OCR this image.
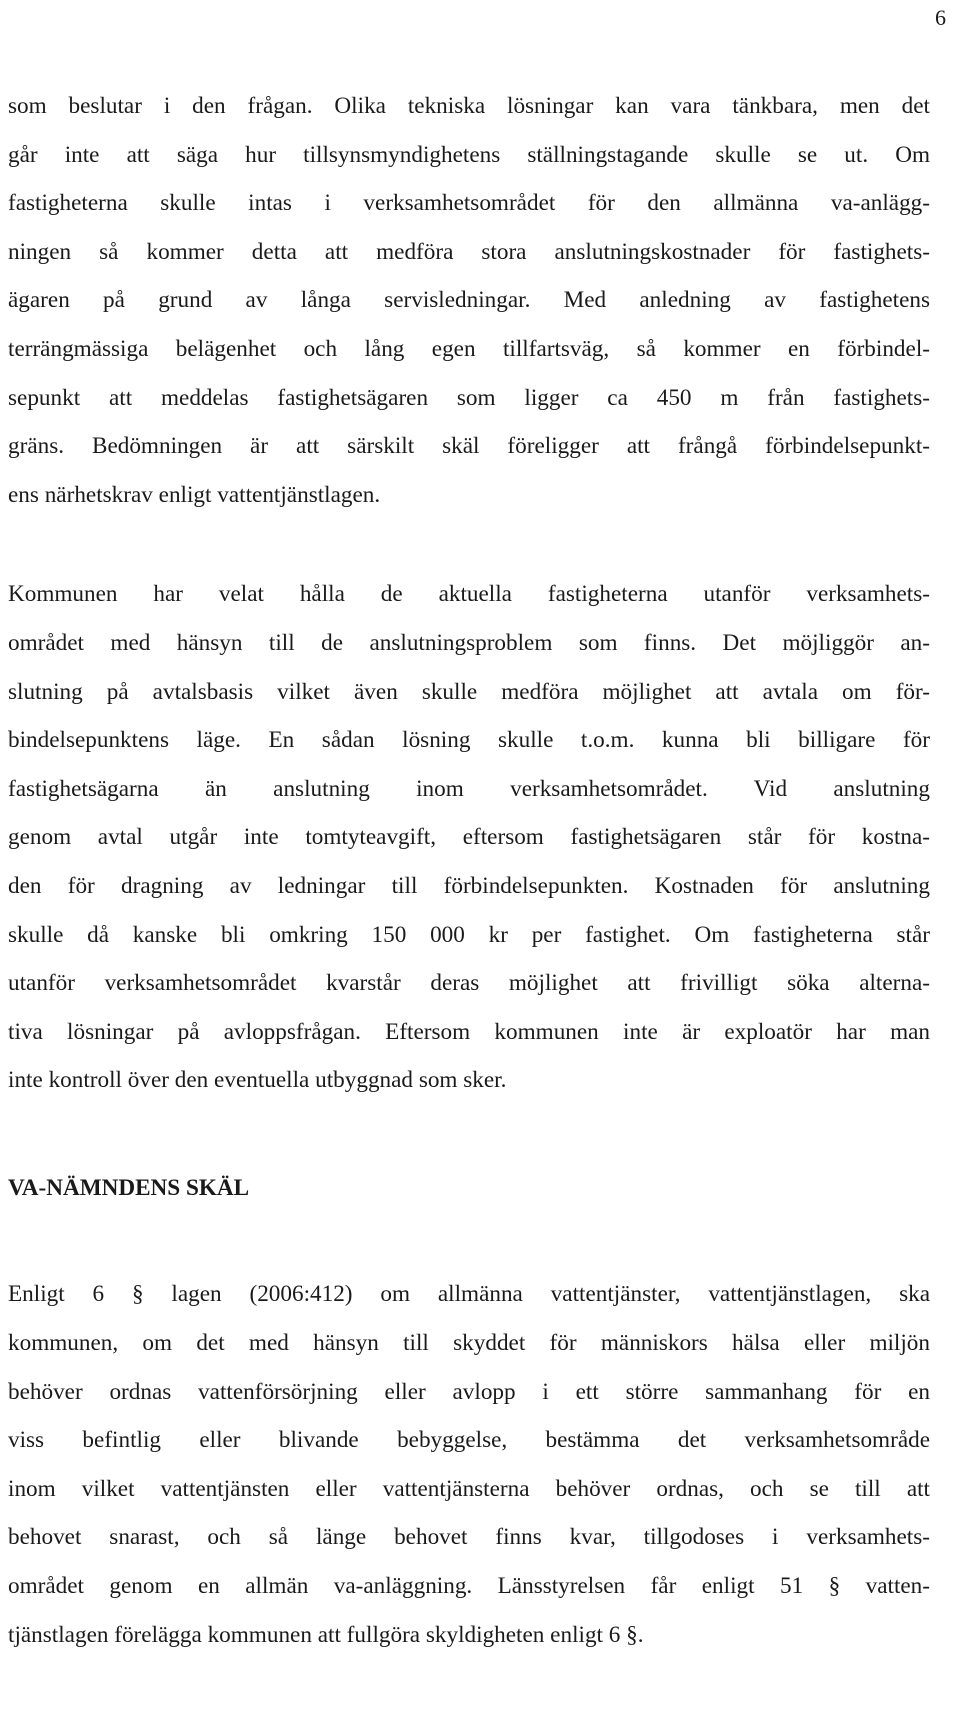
6
som beslutar i den frågan. Olika tekniska lösningar kan vara tänkbara, men det
går inte att säga hur tillsynsmyndighetens ställningstagande skulle se ut. Om
fastigheterna skulle intas i verksamhetsområdet för den allmänna va-anlägg-
ningen så kommer detta att medföra stora anslutningskostnader för fastighets-
ägaren på grund av långa servisledningar. Med anledning av fastighetens
terrängmässiga belägenhet och lång egen tillfartsväg, så kommer en förbindel-
sepunkt att meddelas fastighetsägaren som ligger ca 450 m från fastighets-
gräns. Bedömningen är att särskilt skäl föreligger att frångå förbindelsepunkt-
ens närhetskrav enligt vattentjänstlagen.
Kommunen har velat hålla de aktuella fastigheterna utanför verksamhets-
området med hänsyn till de anslutningsproblem som finns. Det möjliggör an-
slutning på avtalsbasis vilket även skulle medföra möjlighet att avtala om för-
bindelsepunktens läge. En sådan lösning skulle t.o.m. kunna bli billigare för
fastighetsägarna än anslutning inom verksamhetsområdet. Vid anslutning
genom avtal utgår inte tomtyteavgift, eftersom fastighetsägaren står för kostna-
den för dragning av ledningar till förbindelsepunkten. Kostnaden för anslutning
skulle då kanske bli omkring 150 000 kr per fastighet. Om fastigheterna står
utanför verksamhetsområdet kvarstår deras möjlighet att frivilligt söka alterna-
tiva lösningar på avloppsfrågan. Eftersom kommunen inte är exploatör har man
inte kontroll över den eventuella utbyggnad som sker.
VA-NÄMNDENS SKÄL
Enligt 6 § lagen (2006:412) om allmänna vattentjänster, vattentjänstlagen, ska
kommunen, om det med hänsyn till skyddet för människors hälsa eller miljön
behöver ordnas vattenförsörjning eller avlopp i ett större sammanhang för en
viss befintlig eller blivande bebyggelse, bestämma det verksamhetsområde
inom vilket vattentjänsten eller vattentjänsterna behöver ordnas, och se till att
behovet snarast, och så länge behovet finns kvar, tillgodoses i verksamhets-
området genom en allmän va-anläggning. Länsstyrelsen får enligt 51 § vatten-
tjänstlagen förelägga kommunen att fullgöra skyldigheten enligt 6 §.
